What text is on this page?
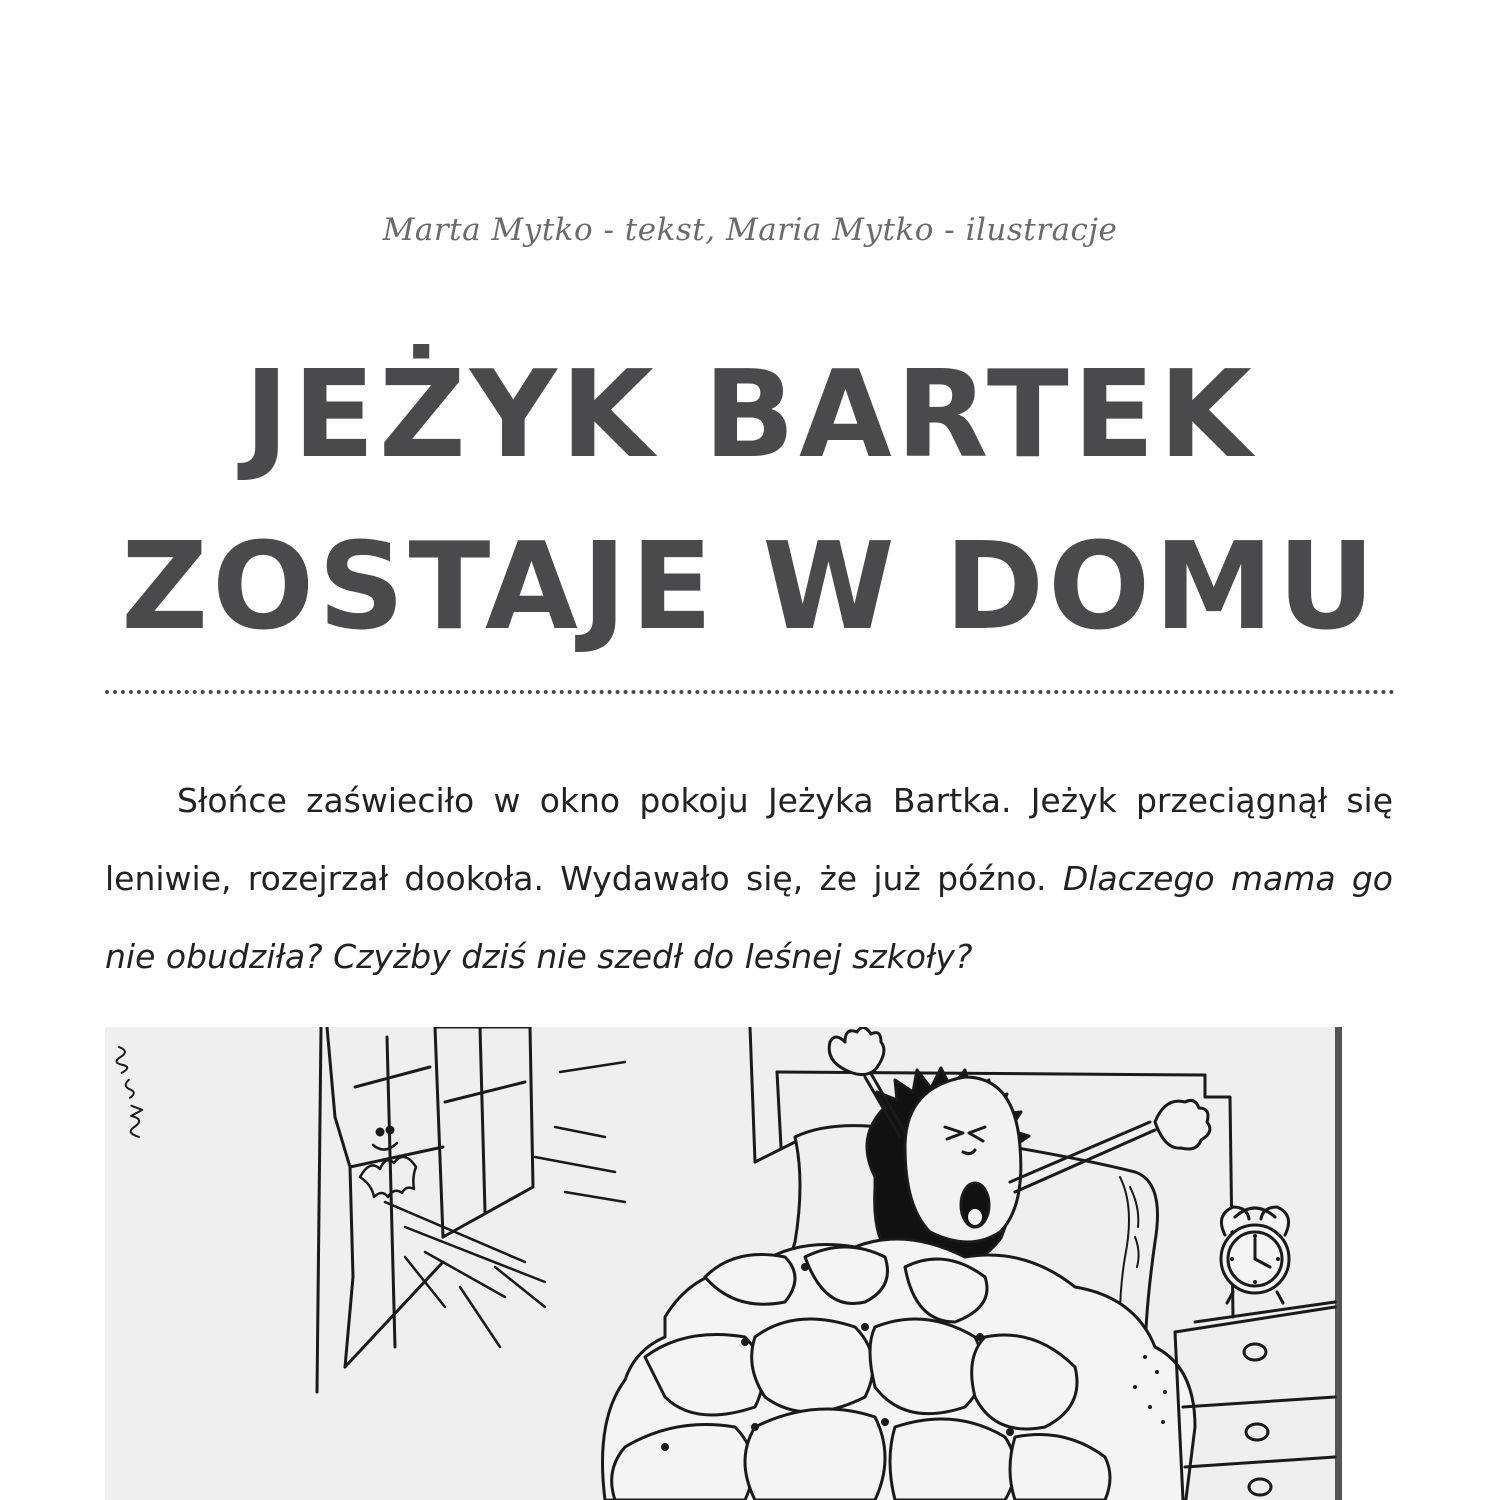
Marta Mytko - tekst, Maria Mytko - ilustracje
JEŻYK BARTEK
ZOSTAJE W DOMU

Słońce zaświeciło w okno pokoju Jeżyka Bartka. Jeżyk przeciągnął się leniwie, rozejrzał dookoła. Wydawało się, że już późno. Dlaczego mama go nie obudziła? Czyżby dziś nie szedł do leśnej szkoły?
